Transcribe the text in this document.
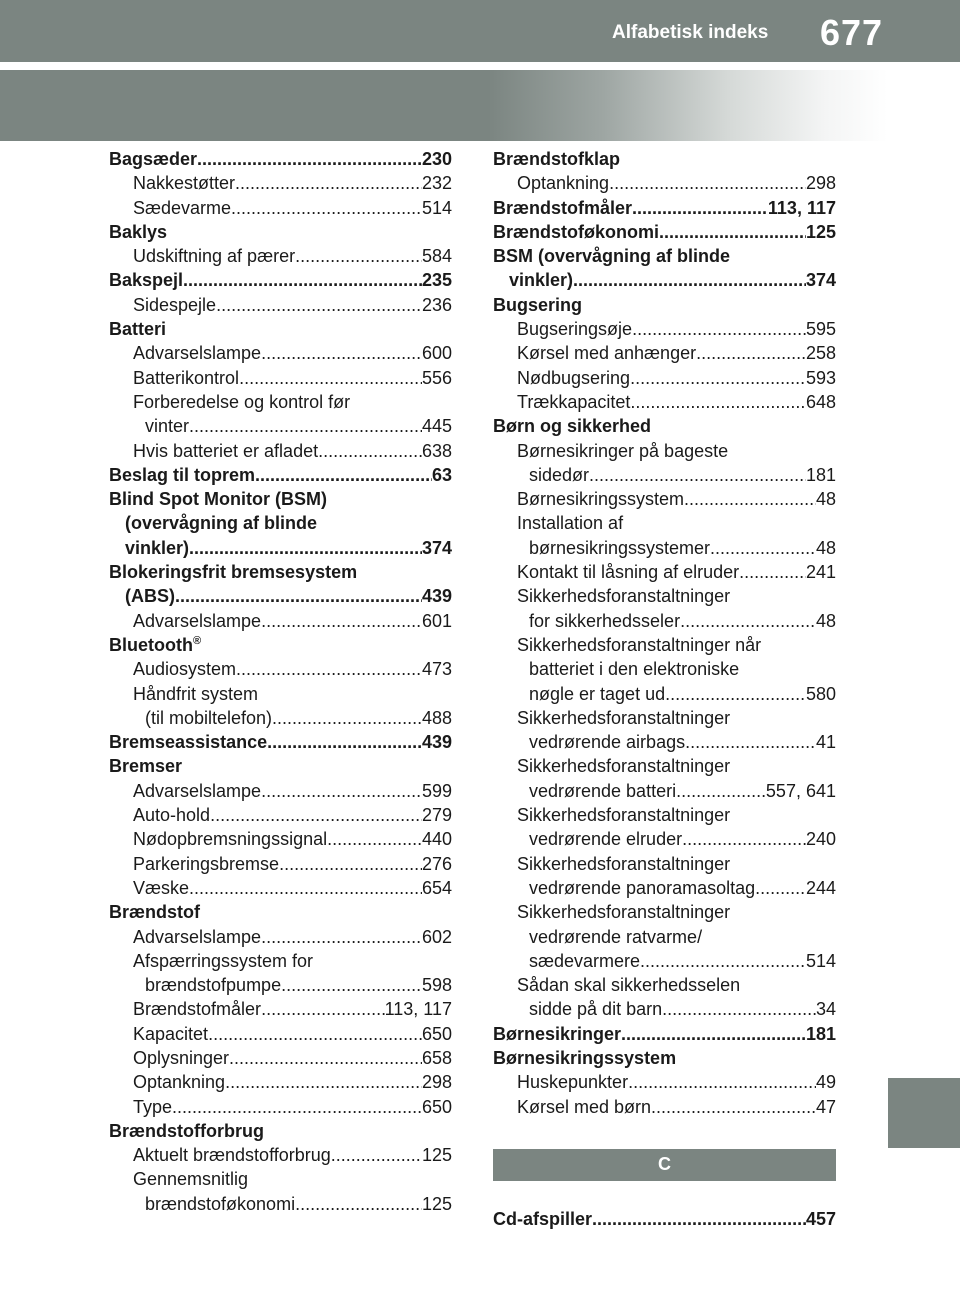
Alfabetisk indeks 677
Bagsæder .....	230
Nakkestøtter .....	232
Sædevarme .....	514
Baklys
Udskiftning af pærer .....	584
Bakspejl .....	235
Sidespejle .....	236
Batteri
Advarselslampe .....	600
Batterikontrol .....	556
Forberedelse og kontrol før
vinter .....	445
Hvis batteriet er afladet .....	638
Beslag til toprem .....	63
Blind Spot Monitor (BSM)
(overvågning af blinde
vinkler) .....	374
Blokeringsfrit bremsesystem
(ABS) .....	439
Advarselslampe .....	601
Bluetooth®
Audiosystem .....	473
Håndfrit system
(til mobiltelefon) .....	488
Bremseassistance .....	439
Bremser
Advarselslampe .....	599
Auto-hold .....	279
Nødopbremsningssignal .....	440
Parkeringsbremse .....	276
Væske .....	654
Brændstof
Advarselslampe .....	602
Afspærringssystem for
brændstofpumpe .....	598
Brændstofmåler .....	113, 117
Kapacitet .....	650
Oplysninger .....	658
Optankning .....	298
Type .....	650
Brændstofforbrug
Aktuelt brændstofforbrug .....	125
Gennemsnitlig
brændstoføkonomi .....	125
Brændstofklap
Optankning .....	298
Brændstofmåler .....	113, 117
Brændstoføkonomi .....	125
BSM (overvågning af blinde
vinkler) .....	374
Bugsering
Bugseringsøje .....	595
Kørsel med anhænger .....	258
Nødbugsering .....	593
Trækkapacitet .....	648
Børn og sikkerhed
Børnesikringer på bageste
sidedør .....	181
Børnesikringssystem .....	48
Installation af
børnesikringssystemer .....	48
Kontakt til låsning af elruder .....	241
Sikkerhedsforanstaltninger
for sikkerhedsseler .....	48
Sikkerhedsforanstaltninger når
batteriet i den elektroniske
nøgle er taget ud .....	580
Sikkerhedsforanstaltninger
vedrørende airbags .....	41
Sikkerhedsforanstaltninger
vedrørende batteri .....	557, 641
Sikkerhedsforanstaltninger
vedrørende elruder .....	240
Sikkerhedsforanstaltninger
vedrørende panoramasoltag .....	244
Sikkerhedsforanstaltninger
vedrørende ratvarme/
sædevarmere .....	514
Sådan skal sikkerhedsselen
sidde på dit barn .....	34
Børnesikringer .....	181
Børnesikringssystem
Huskepunkter .....	49
Kørsel med børn .....	47
C
Cd-afspiller .....	457
